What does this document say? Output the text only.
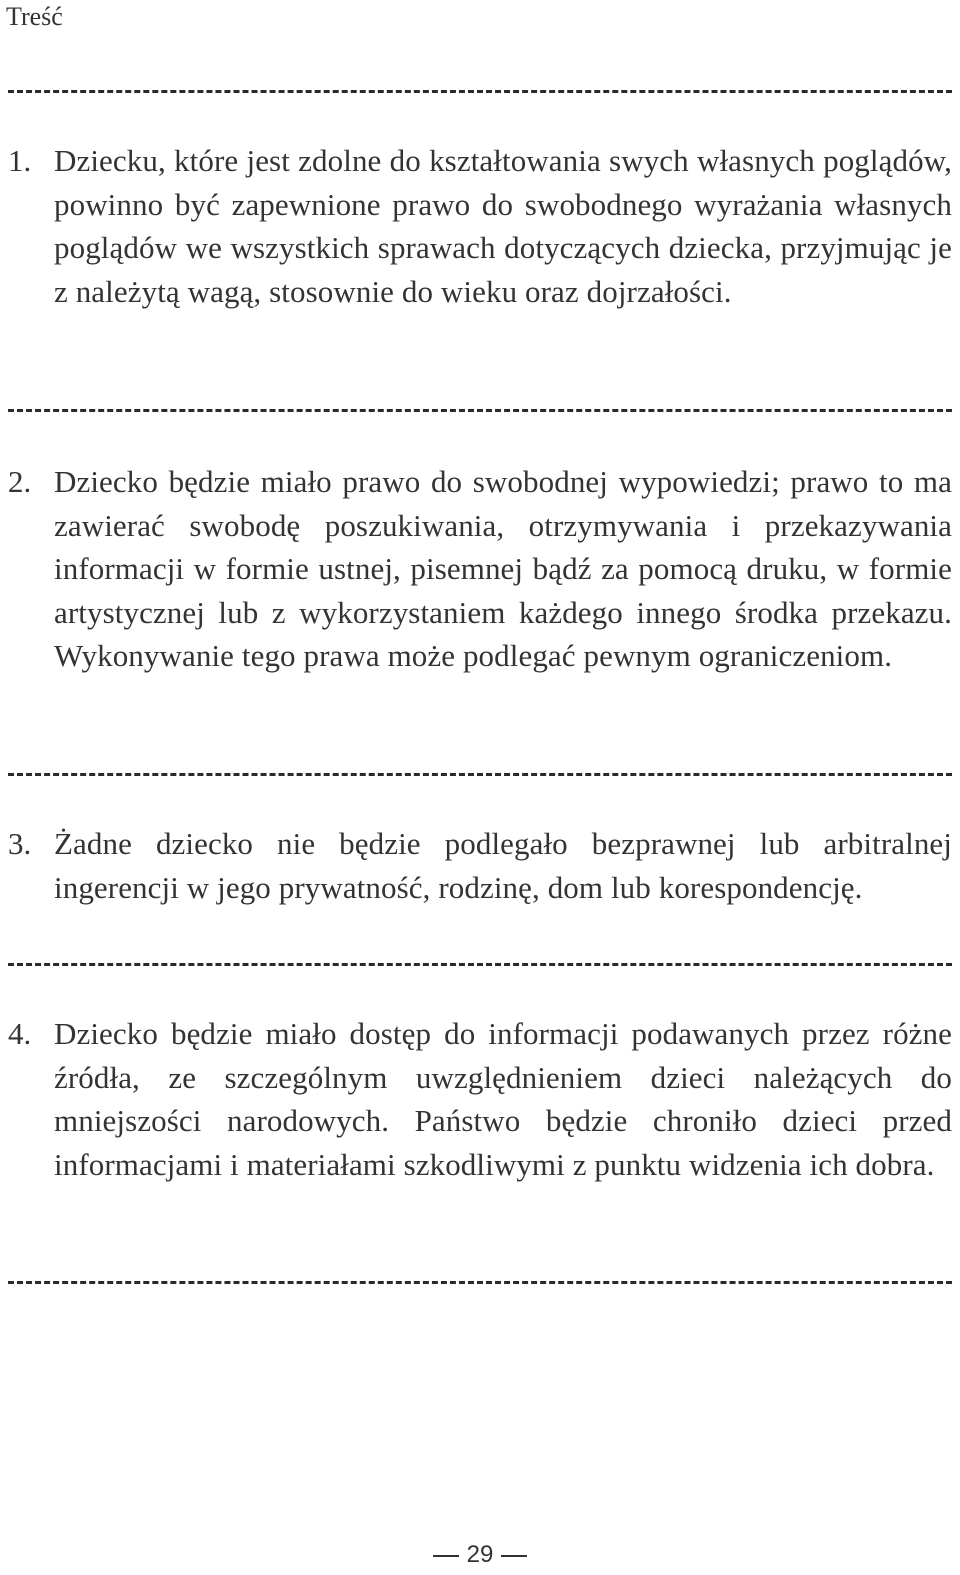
Treść
1. Dziecku, które jest zdolne do kształtowania swych własnych poglądów, powinno być zapewnione prawo do swobodnego wyrażania własnych poglądów we wszystkich sprawach dotyczących dziecka, przyjmując je z należytą wagą, stosownie do wieku oraz dojrzałości.
2. Dziecko będzie miało prawo do swobodnej wypowiedzi; prawo to ma zawierać swobodę poszukiwania, otrzymywania i przekazywania informacji w formie ustnej, pisemnej bądź za pomocą druku, w formie artystycznej lub z wykorzystaniem każdego innego środka przekazu. Wykonywanie tego prawa może podlegać pewnym ograniczeniom.
3. Żadne dziecko nie będzie podlegało bezprawnej lub arbitralnej ingerencji w jego prywatność, rodzinę, dom lub korespondencję.
4. Dziecko będzie miało dostęp do informacji podawanych przez różne źródła, ze szczególnym uwzględnieniem dzieci należących do mniejszości narodowych. Państwo będzie chroniło dzieci przed informacjami i materiałami szkodliwymi z punktu widzenia ich dobra.
29
